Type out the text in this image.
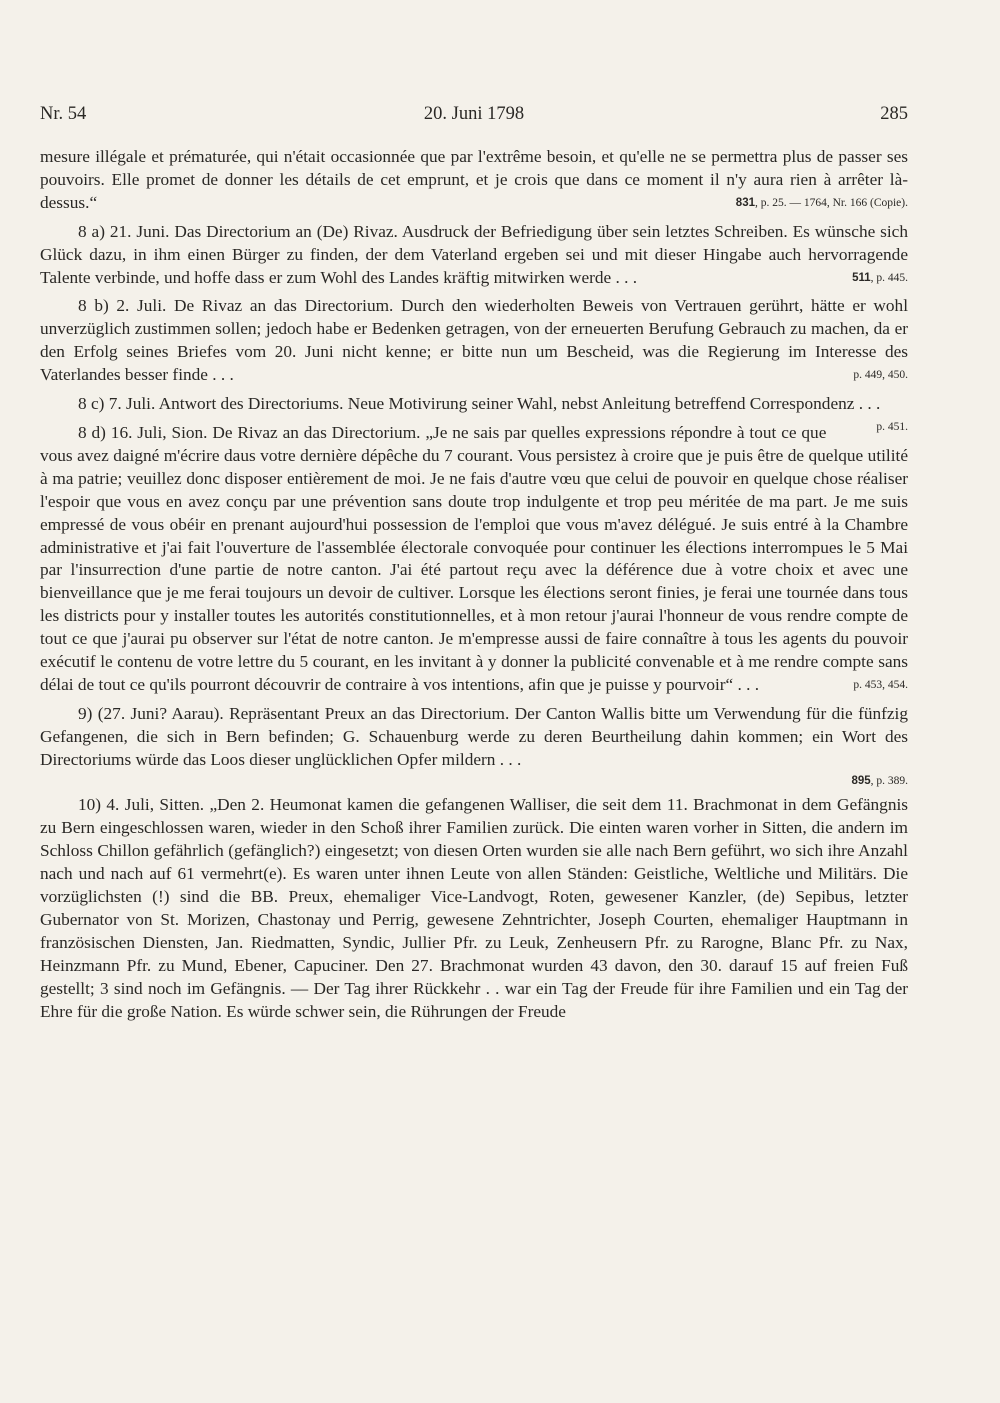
Nr. 54	20. Juni 1798	285

mesure illégale et prématurée, qui n'était occasionnée que par l'extrême besoin, et qu'elle ne se permettra plus de passer ses pouvoirs. Elle promet de donner les détails de cet emprunt, et je crois que dans ce moment il n'y aura rien à arrêter là-dessus.“	831, p. 25. — 1764, Nr. 166 (Copie).

8 a) 21. Juni. Das Directorium an (De) Rivaz. Ausdruck der Befriedigung über sein letztes Schreiben. Es wünsche sich Glück dazu, in ihm einen Bürger zu finden, der dem Vaterland ergeben sei und mit dieser Hingabe auch hervorragende Talente verbinde, und hoffe dass er zum Wohl des Landes kräftig mitwirken werde . . .	511, p. 445.

8 b) 2. Juli. De Rivaz an das Directorium. Durch den wiederholten Beweis von Vertrauen gerührt, hätte er wohl unverzüglich zustimmen sollen; jedoch habe er Bedenken getragen, von der erneuerten Berufung Gebrauch zu machen, da er den Erfolg seines Briefes vom 20. Juni nicht kenne; er bitte nun um Bescheid, was die Regierung im Interesse des Vaterlandes besser finde . . .	p. 449, 450.

8 c) 7. Juli. Antwort des Directoriums. Neue Motivirung seiner Wahl, nebst Anleitung betreffend Correspondenz . . .
p. 451.

8 d) 16. Juli, Sion. De Rivaz an das Directorium. „Je ne sais par quelles expressions répondre à tout ce que vous avez daigné m'écrire daus votre dernière dépêche du 7 courant. Vous persistez à croire que je puis être de quelque utilité à ma patrie; veuillez donc disposer entièrement de moi. Je ne fais d'autre vœu que celui de pouvoir en quelque chose réaliser l'espoir que vous en avez conçu par une prévention sans doute trop indulgente et trop peu méritée de ma part. Je me suis empressé de vous obéir en prenant aujourd'hui possession de l'emploi que vous m'avez délégué. Je suis entré à la Chambre administrative et j'ai fait l'ouverture de l'assemblée électorale convoquée pour continuer les élections interrompues le 5 Mai par l'insurrection d'une partie de notre canton. J'ai été partout reçu avec la déférence due à votre choix et avec une bienveillance que je me ferai toujours un devoir de cultiver. Lorsque les élections seront finies, je ferai une tournée dans tous les districts pour y installer toutes les autorités constitutionnelles, et à mon retour j'aurai l'honneur de vous rendre compte de tout ce que j'aurai pu observer sur l'état de notre canton. Je m'empresse aussi de faire connaître à tous les agents du pouvoir exécutif le contenu de votre lettre du 5 courant, en les invitant à y donner la publicité convenable et à me rendre compte sans délai de tout ce qu'ils pourront découvrir de contraire à vos intentions, afin que je puisse y pourvoir“ . . .	p. 453, 454.

9) (27. Juni? Aarau). Repräsentant Preux an das Directorium. Der Canton Wallis bitte um Verwendung für die fünfzig Gefangenen, die sich in Bern befinden; G. Schauenburg werde zu deren Beurtheilung dahin kommen; ein Wort des Directoriums würde das Loos dieser unglücklichen Opfer mildern . . .

895, p. 389.

10) 4. Juli, Sitten. „Den 2. Heumonat kamen die gefangenen Walliser, die seit dem 11. Brachmonat in dem Gefängnis zu Bern eingeschlossen waren, wieder in den Schoß ihrer Familien zurück. Die einten waren vorher in Sitten, die andern im Schloss Chillon gefährlich (gefänglich?) eingesetzt; von diesen Orten wurden sie alle nach Bern geführt, wo sich ihre Anzahl nach und nach auf 61 vermehrt(e). Es waren unter ihnen Leute von allen Ständen: Geistliche, Weltliche und Militärs. Die vorzüglichsten (!) sind die BB. Preux, ehemaliger Vice-Landvogt, Roten, gewesener Kanzler, (de) Sepibus, letzter Gubernator von St. Morizen, Chastonay und Perrig, gewesene Zehntrichter, Joseph Courten, ehemaliger Hauptmann in französischen Diensten, Jan. Riedmatten, Syndic, Jullier Pfr. zu Leuk, Zenheusern Pfr. zu Rarogne, Blanc Pfr. zu Nax, Heinzmann Pfr. zu Mund, Ebener, Capuciner. Den 27. Brachmonat wurden 43 davon, den 30. darauf 15 auf freien Fuß gestellt; 3 sind noch im Gefängnis. — Der Tag ihrer Rückkehr . . war ein Tag der Freude für ihre Familien und ein Tag der Ehre für die große Nation. Es würde schwer sein, die Rührungen der Freude
